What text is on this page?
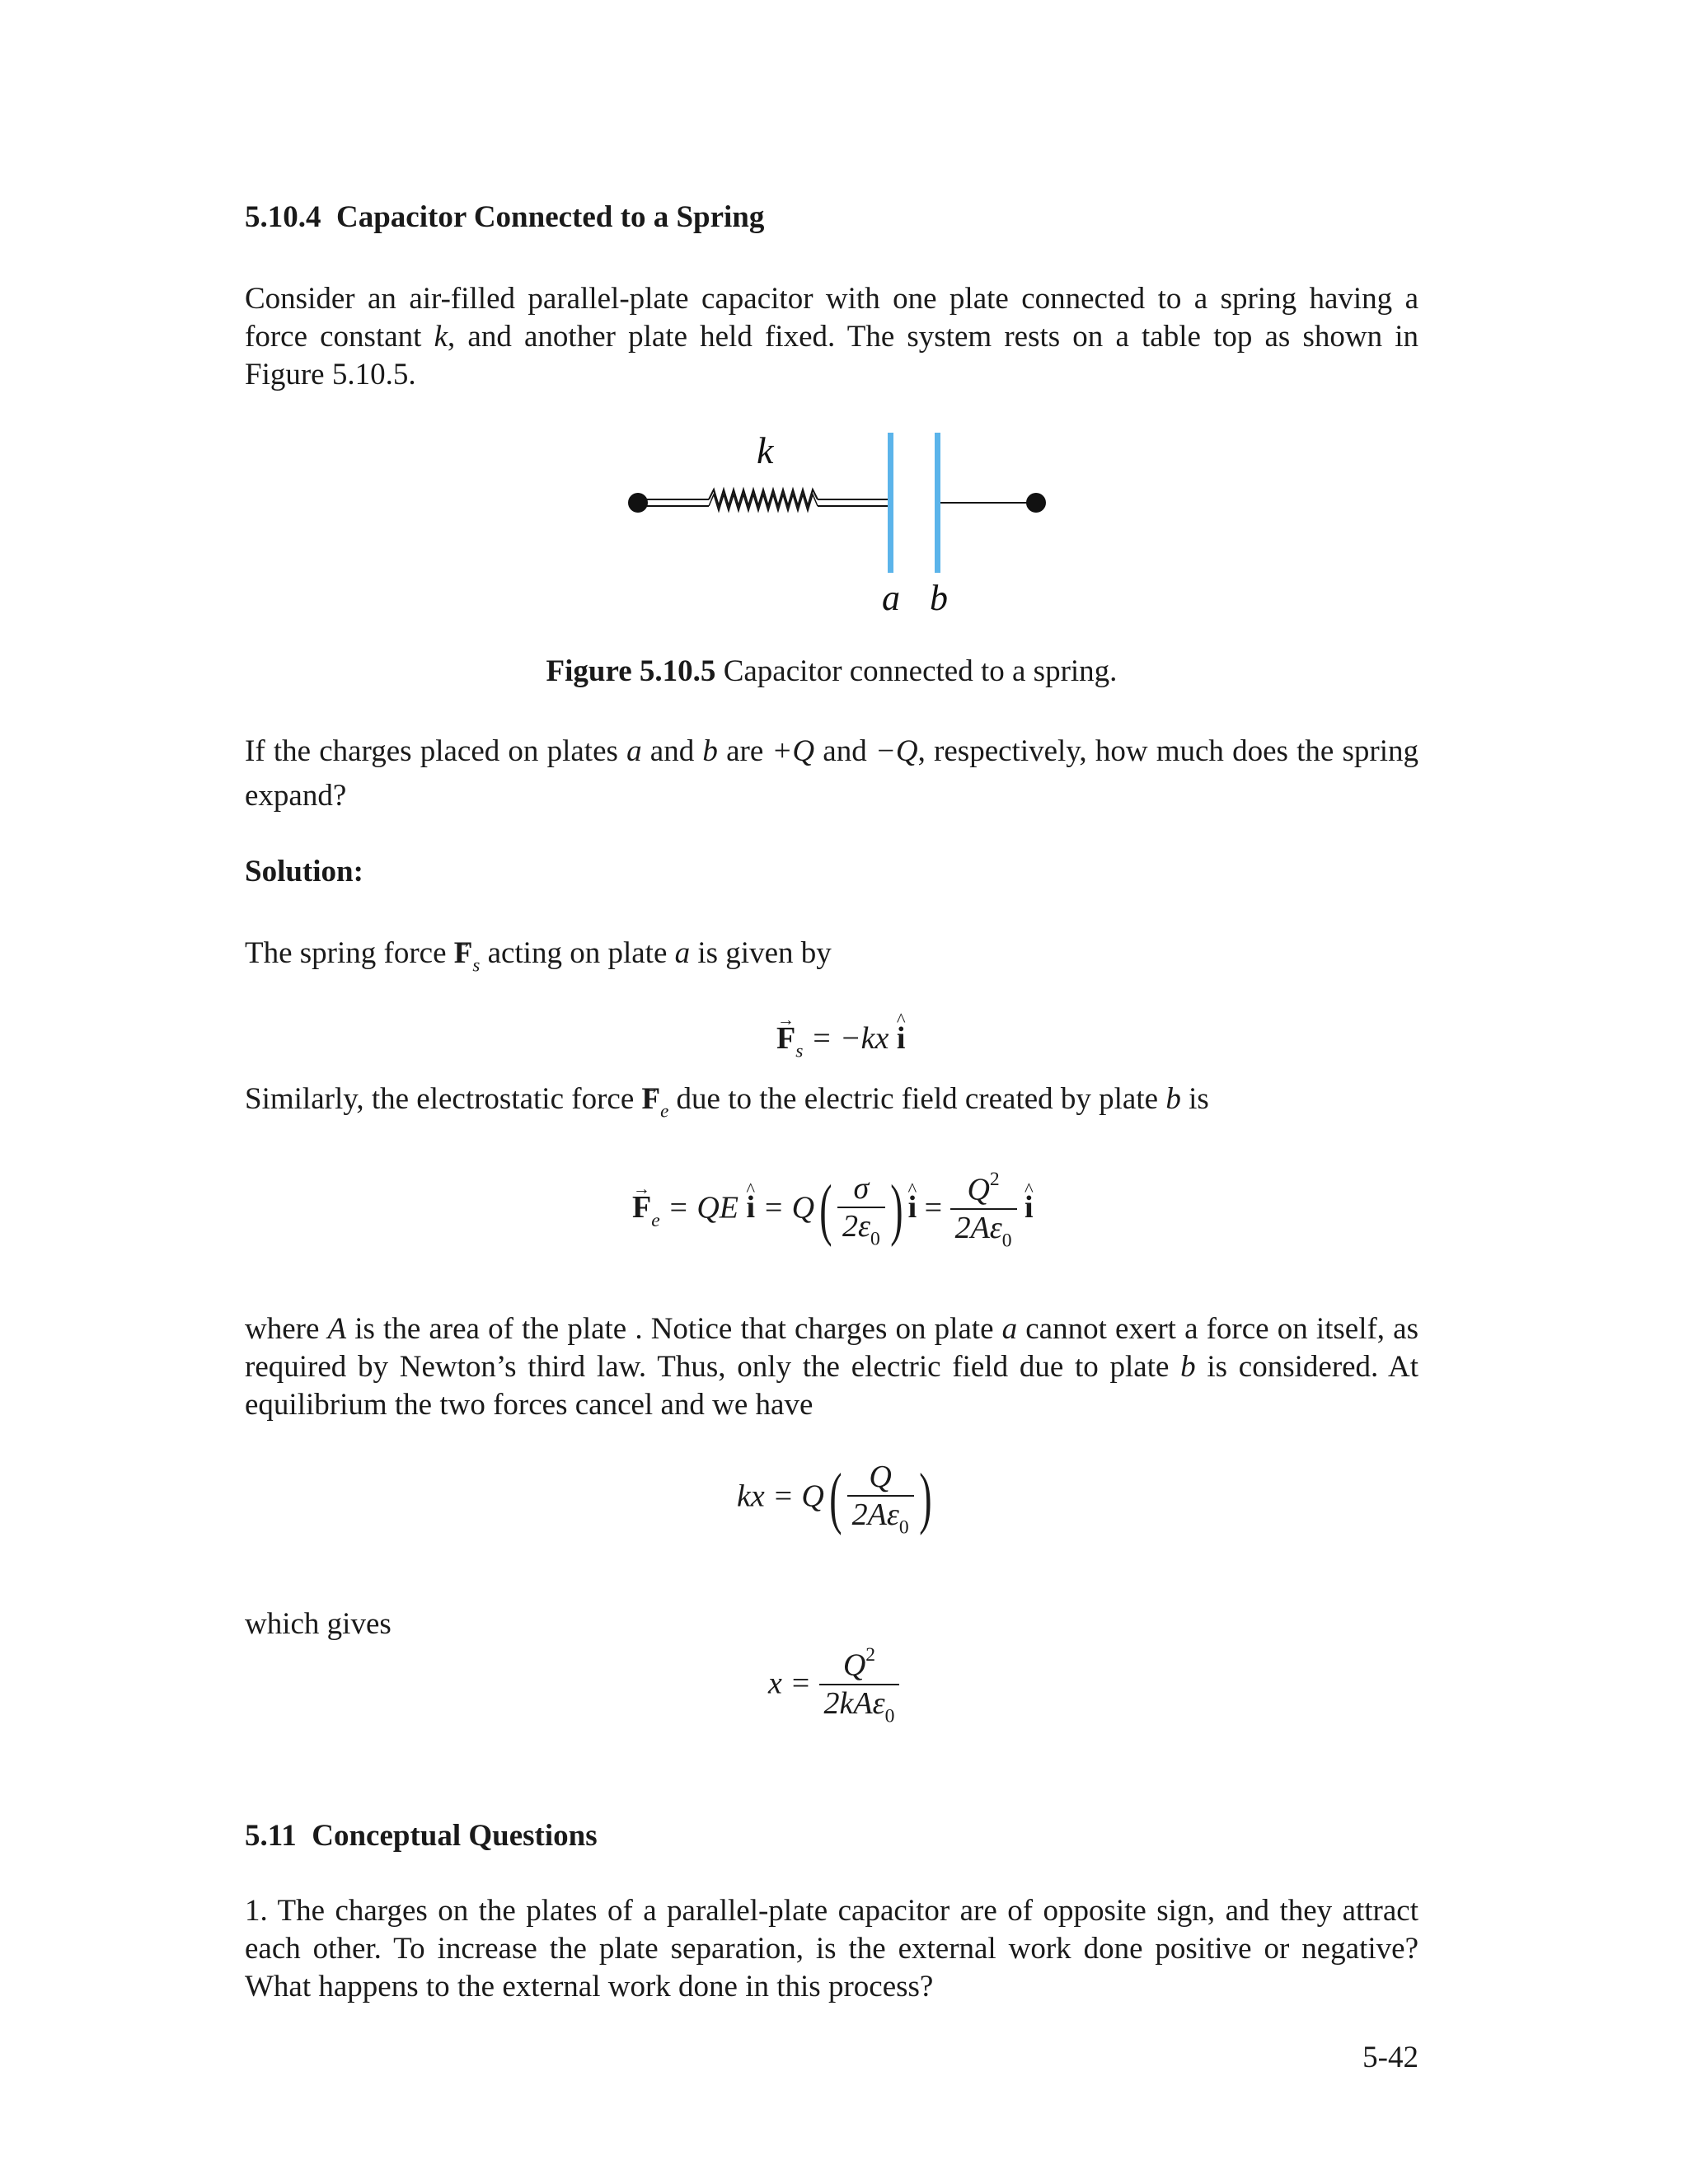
5.10.4 Capacitor Connected to a Spring
Consider an air-filled parallel-plate capacitor with one plate connected to a spring having a force constant k, and another plate held fixed. The system rests on a table top as shown in Figure 5.10.5.
k
a b
Figure 5.10.5 Capacitor connected to a spring.
If the charges placed on plates a and b are +Q and −Q, respectively, how much does the spring expand?
Solution:
The spring force → $F_s$ acting on plate a is given by
→ $F_s = -kx$ ^ i
Similarly, the electrostatic force → $F_e$ due to the electric field created by plate b is
→ $F_e$ = QE ^ $i = Q( \frac{\sigma}{2\varepsilon_0}$ ) ^ $i = \frac{Q^2}{2A\varepsilon_0}$ ^ i
where A is the area of the plate . Notice that charges on plate a cannot exert a force on itself, as required by Newton’s third law. Thus, only the electric field due to plate b is considered. At equilibrium the two forces cancel and we have
kx = $Q( \frac{Q}{2A\varepsilon_0}$ )
which gives
$x = \frac{Q^2}{2kA\varepsilon_0}$
5.11 Conceptual Questions
1. The charges on the plates of a parallel-plate capacitor are of opposite sign, and they attract each other. To increase the plate separation, is the external work done positive or negative? What happens to the external work done in this process?
5-42
